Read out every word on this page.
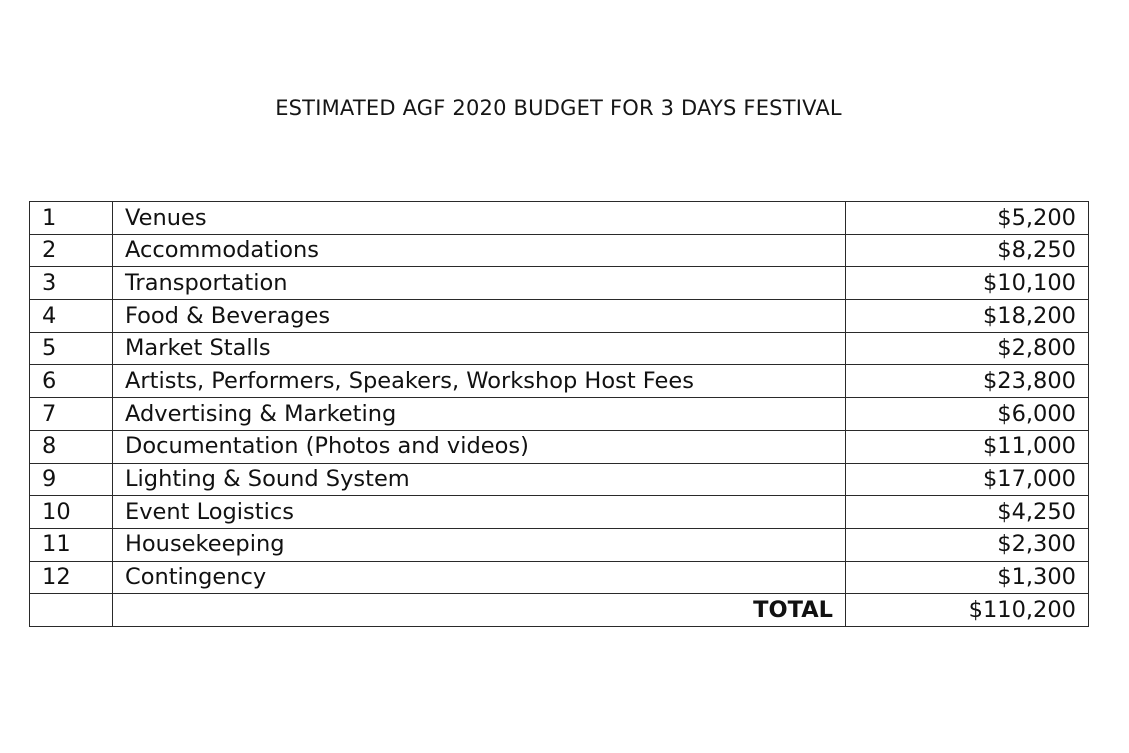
ESTIMATED AGF 2020 BUDGET FOR 3 DAYS FESTIVAL
1	Venues	$5,200
2	Accommodations	$8,250
3	Transportation	$10,100
4	Food & Beverages	$18,200
5	Market Stalls	$2,800
6	Artists, Performers, Speakers, Workshop Host Fees	$23,800
7	Advertising & Marketing	$6,000
8	Documentation (Photos and videos)	$11,000
9	Lighting & Sound System	$17,000
10	Event Logistics	$4,250
11	Housekeeping	$2,300
12	Contingency	$1,300
	TOTAL	$110,200
